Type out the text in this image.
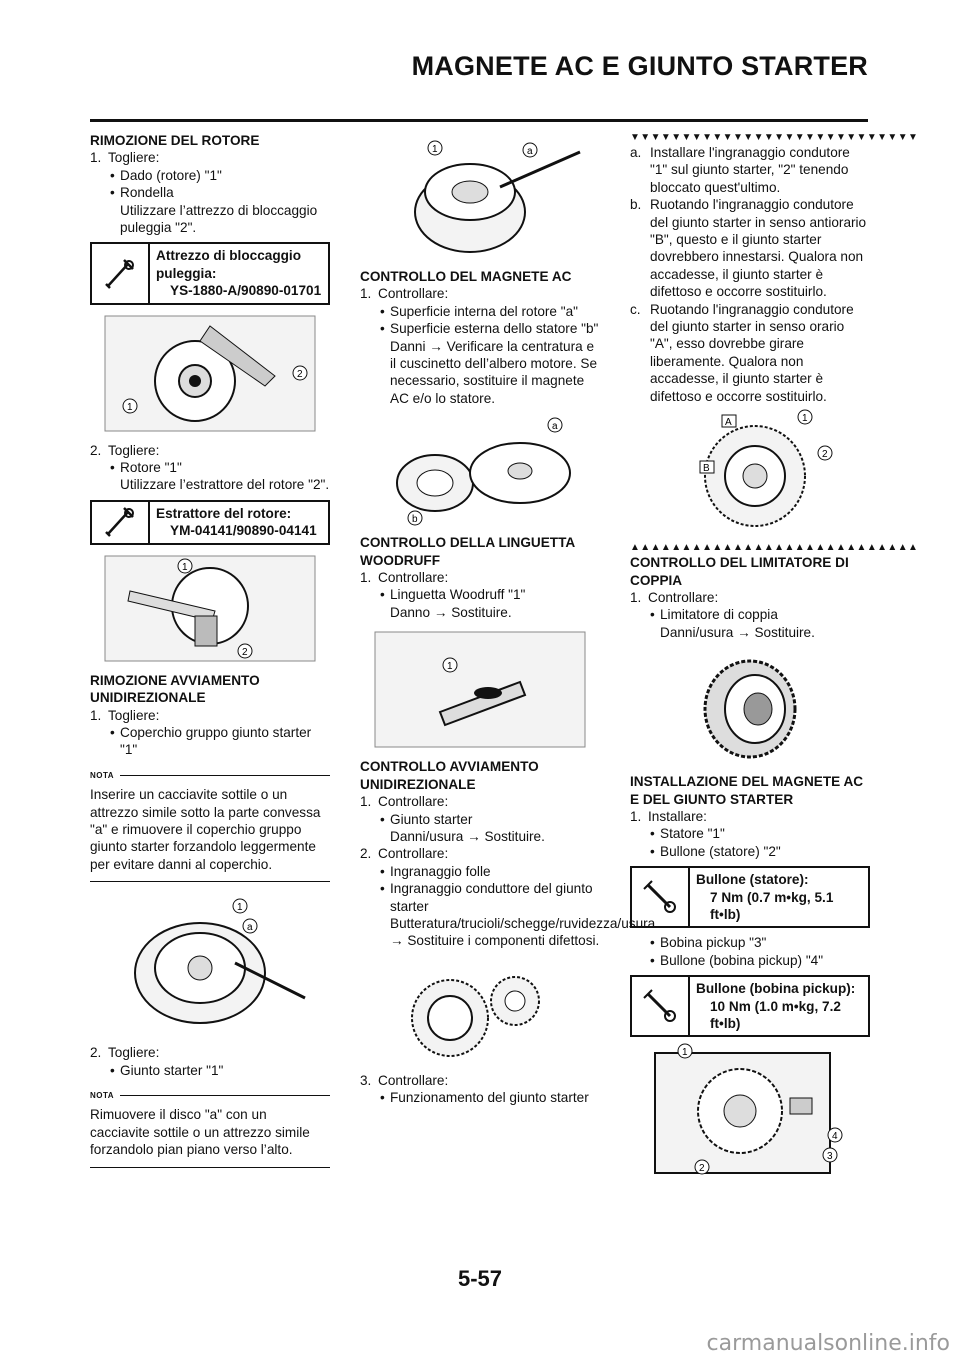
MAGNETE AC E GIUNTO STARTER
RIMOZIONE DEL ROTORE
1. Togliere:
• Dado (rotore) "1"
• Rondella
Utilizzare l’attrezzo di bloccaggio puleggia "2".
Attrezzo di bloccaggio puleggia:
YS-1880-A/90890-01701
1
2
2. Togliere:
• Rotore "1"
Utilizzare l’estrattore del rotore "2".
Estrattore del rotore:
YM-04141/90890-04141
1
2
RIMOZIONE AVVIAMENTO UNIDIREZIONALE
1. Togliere:
• Coperchio gruppo giunto starter "1"
NOTA
Inserire un cacciavite sottile o un attrezzo simile sotto la parte convessa "a" e rimuovere il coperchio gruppo giunto starter forzandolo leggermente per evitare danni al coperchio.
1
a
2. Togliere:
• Giunto starter "1"
NOTA
Rimuovere il disco "a" con un cacciavite sottile o un attrezzo simile forzandolo pian piano verso l’alto.
1	a
CONTROLLO DEL MAGNETE AC
1. Controllare:
• Superficie interna del rotore "a"
• Superficie esterna dello statore "b"
Danni → Verificare la centratura e il cuscinetto dell’albero motore. Se necessario, sostituire il magnete AC e/o lo statore.
a
b
CONTROLLO DELLA LINGUETTA WOODRUFF
1. Controllare:
• Linguetta Woodruff "1"
Danno → Sostituire.
1
CONTROLLO AVVIAMENTO UNIDIREZIONALE
1. Controllare:
• Giunto starter
Danni/usura → Sostituire.
2. Controllare:
• Ingranaggio folle
• Ingranaggio conduttore del giunto starter
Butteratura/trucioli/schegge/ruvidezza/usura → Sostituire i componenti difettosi.
3. Controllare:
• Funzionamento del giunto starter
▼▼▼▼▼▼▼▼▼▼▼▼▼▼▼▼▼▼▼▼▼▼▼▼▼▼▼▼
a. Installare l'ingranaggio condutore "1" sul giunto starter, "2" tenendo bloccato quest'ultimo.
b. Ruotando l'ingranaggio condutore del giunto starter in senso antiorario "B", questo e il giunto starter dovrebbero innestarsi. Qualora non accadesse, il giunto starter è difettoso e occorre sostituirlo.
c. Ruotando l'ingranaggio condutore del giunto starter in senso orario "A", esso dovrebbe girare liberamente. Qualora non accadesse, il giunto starter è difettoso e occorre sostituirlo.
A
B
1
2
▲▲▲▲▲▲▲▲▲▲▲▲▲▲▲▲▲▲▲▲▲▲▲▲▲▲▲▲
CONTROLLO DEL LIMITATORE DI COPPIA
1. Controllare:
• Limitatore di coppia
Danni/usura → Sostituire.
INSTALLAZIONE DEL MAGNETE AC E DEL GIUNTO STARTER
1. Installare:
• Statore "1"
• Bullone (statore) "2"
Bullone (statore):
7 Nm (0.7 m•kg, 5.1 ft•lb)
• Bobina pickup "3"
• Bullone (bobina pickup) "4"
Bullone (bobina pickup):
10 Nm (1.0 m•kg, 7.2 ft•lb)
1
2
3
4
5-57
carmanualsonline.info
